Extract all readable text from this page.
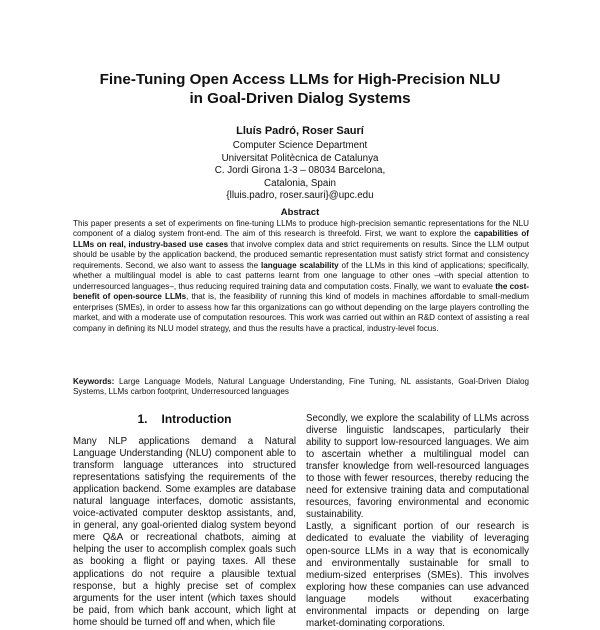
Fine-Tuning Open Access LLMs for High-Precision NLU
in Goal-Driven Dialog Systems

Lluís Padró, Roser Saurí

Computer Science Department
Universitat Politècnica de Catalunya
C. Jordi Girona 1-3 – 08034 Barcelona,
Catalonia, Spain
{lluis.padro, roser.sauri}@upc.edu

Abstract

This paper presents a set of experiments on fine-tuning LLMs to produce high-precision semantic representations for the NLU component of a dialog system front-end. The aim of this research is threefold. First, we want to explore the capabilities of LLMs on real, industry-based use cases that involve complex data and strict requirements on results. Since the LLM output should be usable by the application backend, the produced semantic representation must satisfy strict format and consistency requirements. Second, we also want to assess the language scalability of the LLMs in this kind of applications; specifically, whether a multilingual model is able to cast patterns learnt from one language to other ones –with special attention to underresourced languages–, thus reducing required training data and computation costs. Finally, we want to evaluate the cost-benefit of open-source LLMs, that is, the feasibility of running this kind of models in machines affordable to small-medium enterprises (SMEs), in order to assess how far this organizations can go without depending on the large players controlling the market, and with a moderate use of computation resources. This work was carried out within an R&D context of assisting a real company in defining its NLU model strategy, and thus the results have a practical, industry-level focus.

Keywords: Large Language Models, Natural Language Understanding, Fine Tuning, NL assistants, Goal-Driven Dialog Systems, LLMs carbon footprint, Underresourced languages

1. Introduction

Many NLP applications demand a Natural Language Understanding (NLU) component able to transform language utterances into structured representations satisfying the requirements of the application backend. Some examples are database natural language interfaces, domotic assistants, voice-activated computer desktop assistants, and, in general, any goal-oriented dialog system beyond mere Q&A or recreational chatbots, aiming at helping the user to accomplish complex goals such as booking a flight or paying taxes. All these applications do not require a plausible textual response, but a highly precise set of complex arguments for the user intent (which taxes should be paid, from which bank account, which light at home should be turned off and when, which file

Secondly, we explore the scalability of LLMs across diverse linguistic landscapes, particularly their ability to support low-resourced languages. We aim to ascertain whether a multilingual model can transfer knowledge from well-resourced languages to those with fewer resources, thereby reducing the need for extensive training data and computational resources, favoring environmental and economic sustainability.

Lastly, a significant portion of our research is dedicated to evaluate the viability of leveraging open-source LLMs in a way that is economically and environmentally sustainable for small to medium-sized enterprises (SMEs). This involves exploring how these companies can use advanced language models without exacerbating environmental impacts or depending on large market-dominating corporations.
